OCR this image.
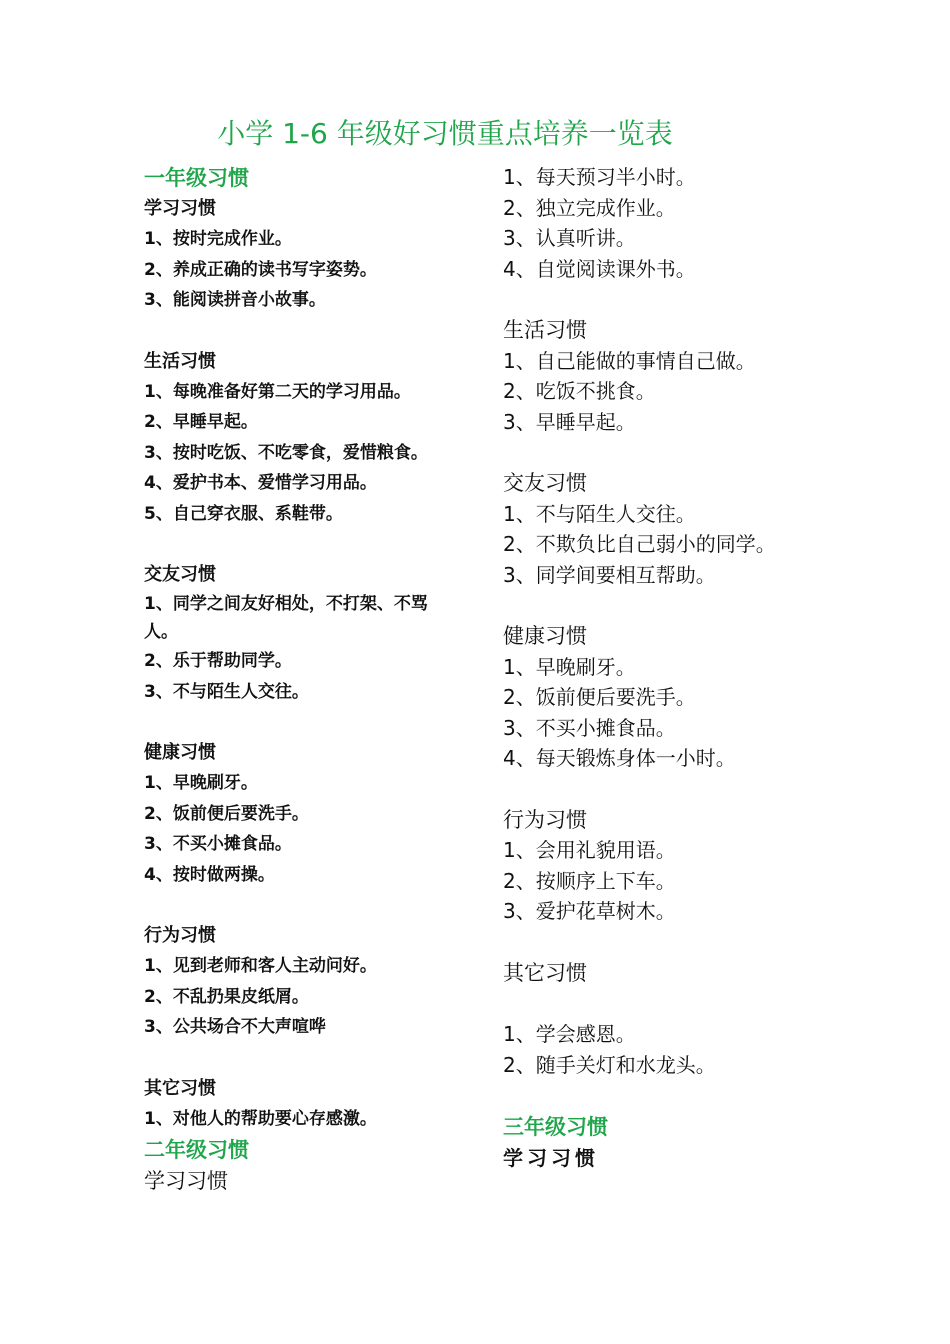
小学 1-6 年级好习惯重点培养一览表
一年级习惯
学习习惯
1、按时完成作业。
2、养成正确的读书写字姿势。
3、能阅读拼音小故事。
生活习惯
1、每晚准备好第二天的学习用品。
2、早睡早起。
3、按时吃饭、不吃零食，爱惜粮食。
4、爱护书本、爱惜学习用品。
5、自己穿衣服、系鞋带。
交友习惯
1、同学之间友好相处，不打架、不骂人。
2、乐于帮助同学。
3、不与陌生人交往。
健康习惯
1、早晚刷牙。
2、饭前便后要洗手。
3、不买小摊食品。
4、按时做两操。
行为习惯
1、见到老师和客人主动问好。
2、不乱扔果皮纸屑。
3、公共场合不大声喧哗
其它习惯
1、对他人的帮助要心存感激。
二年级习惯
学习习惯
1、每天预习半小时。
2、独立完成作业。
3、认真听讲。
4、自觉阅读课外书。
生活习惯
1、自己能做的事情自己做。
2、吃饭不挑食。
3、早睡早起。
交友习惯
1、不与陌生人交往。
2、不欺负比自己弱小的同学。
3、同学间要相互帮助。
健康习惯
1、早晚刷牙。
2、饭前便后要洗手。
3、不买小摊食品。
4、每天锻炼身体一小时。
行为习惯
1、会用礼貌用语。
2、按顺序上下车。
3、爱护花草树木。
其它习惯
1、学会感恩。
2、随手关灯和水龙头。
三年级习惯
学习习惯
